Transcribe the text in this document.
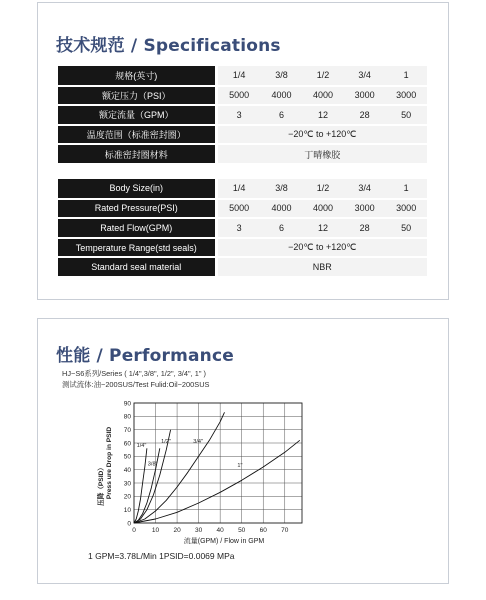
技术规范 / Specifications
规格(英寸)	1/4	3/8	1/2	3/4	1
额定压力（PSI）	5000	4000	4000	3000	3000
额定流量（GPM）	3	6	12	28	50
温度范围（标准密封圈）	−20℃ to +120℃				
标准密封圈材料	丁晴橡胶				
Body Size(in)	1/4	3/8	1/2	3/4	1
Rated Pressure(PSI)	5000	4000	4000	3000	3000
Rated Flow(GPM)	3	6	12	28	50
Temperature Range(std seals)	−20℃ to +120℃				
Standard seal material	NBR				
性能 / Performance
HJ−S6系列/Series ( 1/4",3/8", 1/2", 3/4", 1" )
测试流体:油−200SUS/Test Fulid:Oil−200SUS
0 10 20 30 40 50 60 70
0
10
20
30
40
50
60
70
80
90
流量(GPM) / Flow in GPM
Press ure Drop in PSID
压降（PSID）
1/4"
3/8"
1/2"	3/4"
1"
1 GPM=3.78L/Min 1PSID=0.0069 MPa
